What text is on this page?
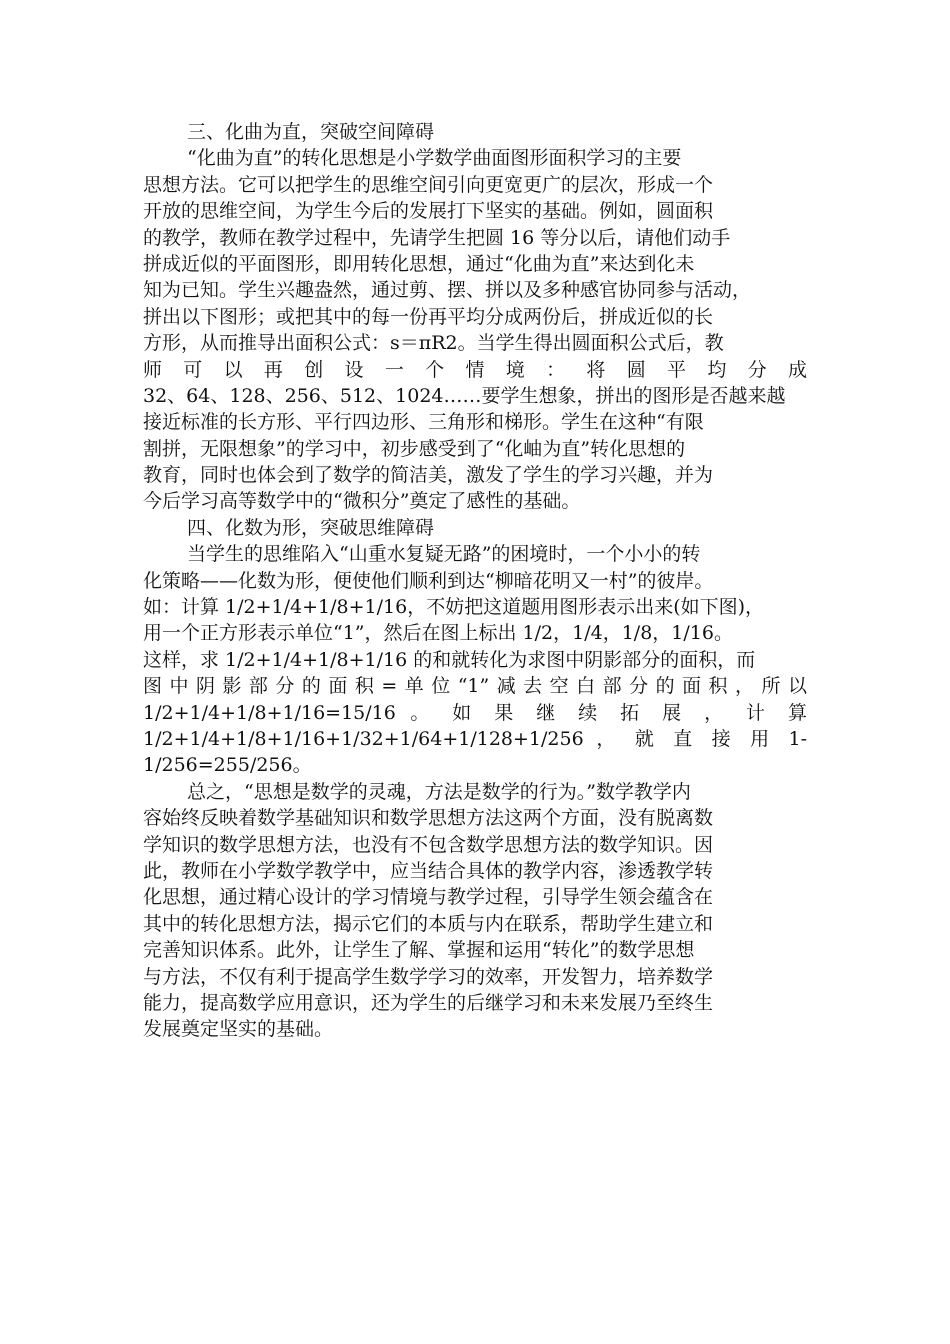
三、化曲为直，突破空间障碍
“化曲为直”的转化思想是小学数学曲面图形面积学习的主要
思想方法。它可以把学生的思维空间引向更宽更广的层次，形成一个
开放的思维空间，为学生今后的发展打下坚实的基础。例如，圆面积
的教学，教师在教学过程中，先请学生把圆 16 等分以后，请他们动手
拼成近似的平面图形，即用转化思想，通过“化曲为直”来达到化未
知为已知。学生兴趣盎然，通过剪、摆、拼以及多种感官协同参与活动，
拼出以下图形；或把其中的每一份再平均分成两份后，拼成近似的长
方形，从而推导出面积公式：s＝πR2。当学生得出圆面积公式后，教
师 可 以 再 创 设 一 个 情 境 ： 将 圆 平 均 分 成
32、64、128、256、512、1024……要学生想象，拼出的图形是否越来越
接近标准的长方形、平行四边形、三角形和梯形。学生在这种“有限
割拼，无限想象”的学习中，初步感受到了“化岫为直”转化思想的
教育，同时也体会到了数学的简洁美，激发了学生的学习兴趣，并为
今后学习高等数学中的“微积分”奠定了感性的基础。
四、化数为形，突破思维障碍
当学生的思维陷入“山重水复疑无路”的困境时，一个小小的转
化策略——化数为形，便使他们顺利到达“柳暗花明又一村”的彼岸。
如：计算 1/2+1/4+1/8+1/16，不妨把这道题用图形表示出来(如下图)，
用一个正方形表示单位“1”，然后在图上标出 1/2，1/4，1/8，1/16。
这样，求 1/2+1/4+1/8+1/16 的和就转化为求图中阴影部分的面积，而
图中阴影部分的面积=单位“1”减去空白部分的面积，所以
1/2+1/4+1/8+1/16=15/16 。 如 果 继 续 拓 展 ， 计 算
1/2+1/4+1/8+1/16+1/32+1/64+1/128+1/256 ， 就 直 接 用 1-
1/256=255/256。
总之，“思想是数学的灵魂，方法是数学的行为。”数学教学内
容始终反映着数学基础知识和数学思想方法这两个方面，没有脱离数
学知识的数学思想方法，也没有不包含数学思想方法的数学知识。因
此，教师在小学数学教学中，应当结合具体的教学内容，渗透教学转
化思想，通过精心设计的学习情境与教学过程，引导学生领会蕴含在
其中的转化思想方法，揭示它们的本质与内在联系，帮助学生建立和
完善知识体系。此外，让学生了解、掌握和运用“转化”的数学思想
与方法，不仅有利于提高学生数学学习的效率，开发智力，培养数学
能力，提高数学应用意识，还为学生的后继学习和未来发展乃至终生
发展奠定坚实的基础。
